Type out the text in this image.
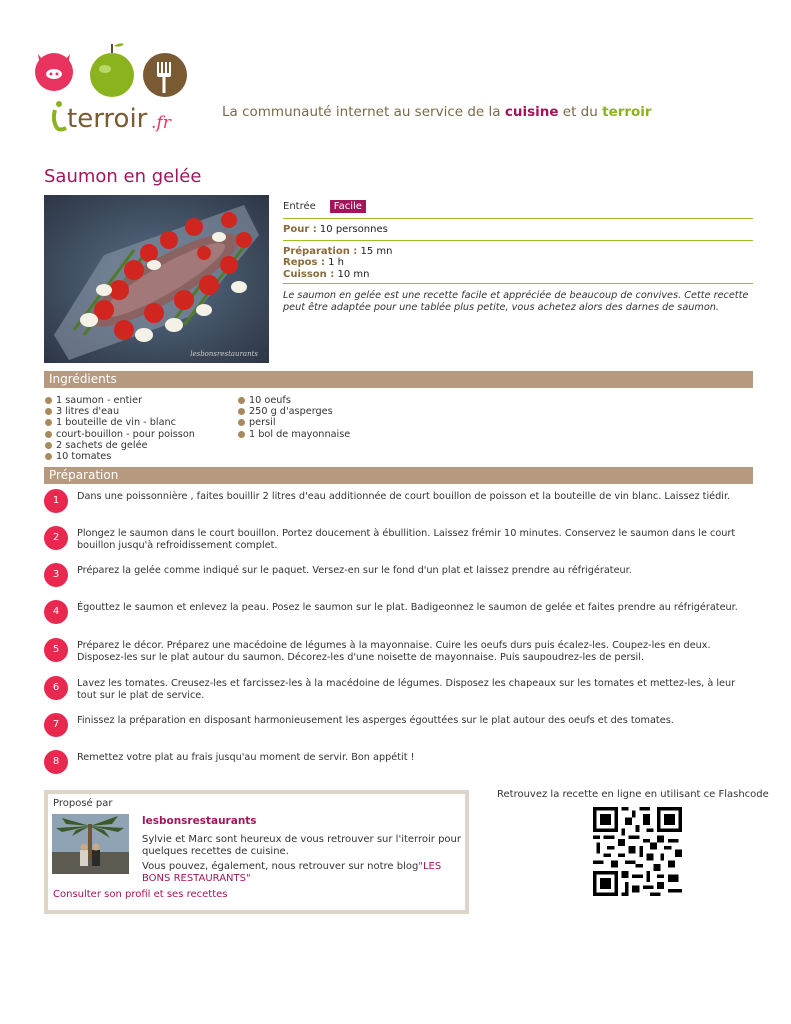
terroir .fr
La communauté internet au service de la cuisine et du terroir
Saumon en gelée
lesbonsrestaurants
Entrée	Facile
Pour : 10 personnes
Préparation : 15 mn
Repos : 1 h
Cuisson : 10 mn
Le saumon en gelée est une recette facile et appréciée de beaucoup de convives. Cette recette peut être adaptée pour une tablée plus petite, vous achetez alors des darnes de saumon.
Ingrédients
1 saumon - entier
3 litres d'eau
1 bouteille de vin - blanc
court-bouillon - pour poisson
2 sachets de gelée
10 tomates
10 oeufs
250 g d'asperges
persil
1 bol de mayonnaise
Préparation
1	Dans une poissonnière , faites bouillir 2 litres d'eau additionnée de court bouillon de poisson et la bouteille de vin blanc. Laissez tiédir.
2	Plongez le saumon dans le court bouillon. Portez doucement à ébullition. Laissez frémir 10 minutes. Conservez le saumon dans le court bouillon jusqu'à refroidissement complet.
3	Préparez la gelée comme indiqué sur le paquet. Versez-en sur le fond d'un plat et laissez prendre au réfrigérateur.
4	Égouttez le saumon et enlevez la peau. Posez le saumon sur le plat. Badigeonnez le saumon de gelée et faites prendre au réfrigérateur.
5	Préparez le décor. Préparez une macédoine de légumes à la mayonnaise. Cuire les oeufs durs puis écalez-les. Coupez-les en deux. Disposez-les sur le plat autour du saumon. Décorez-les d'une noisette de mayonnaise. Puis saupoudrez-les de persil.
6	Lavez les tomates. Creusez-les et farcissez-les à la macédoine de légumes. Disposez les chapeaux sur les tomates et mettez-les, à leur tout sur le plat de service.
7	Finissez la préparation en disposant harmonieusement les asperges égouttées sur le plat autour des oeufs et des tomates.
8	Remettez votre plat au frais jusqu'au moment de servir. Bon appétit !
Proposé par
lesbonsrestaurants
Sylvie et Marc sont heureux de vous retrouver sur l'iterroir pour quelques recettes de cuisine.
Vous pouvez, également, nous retrouver sur notre blog"LES BONS RESTAURANTS"
Consulter son profil et ses recettes
Retrouvez la recette en ligne en utilisant ce Flashcode
